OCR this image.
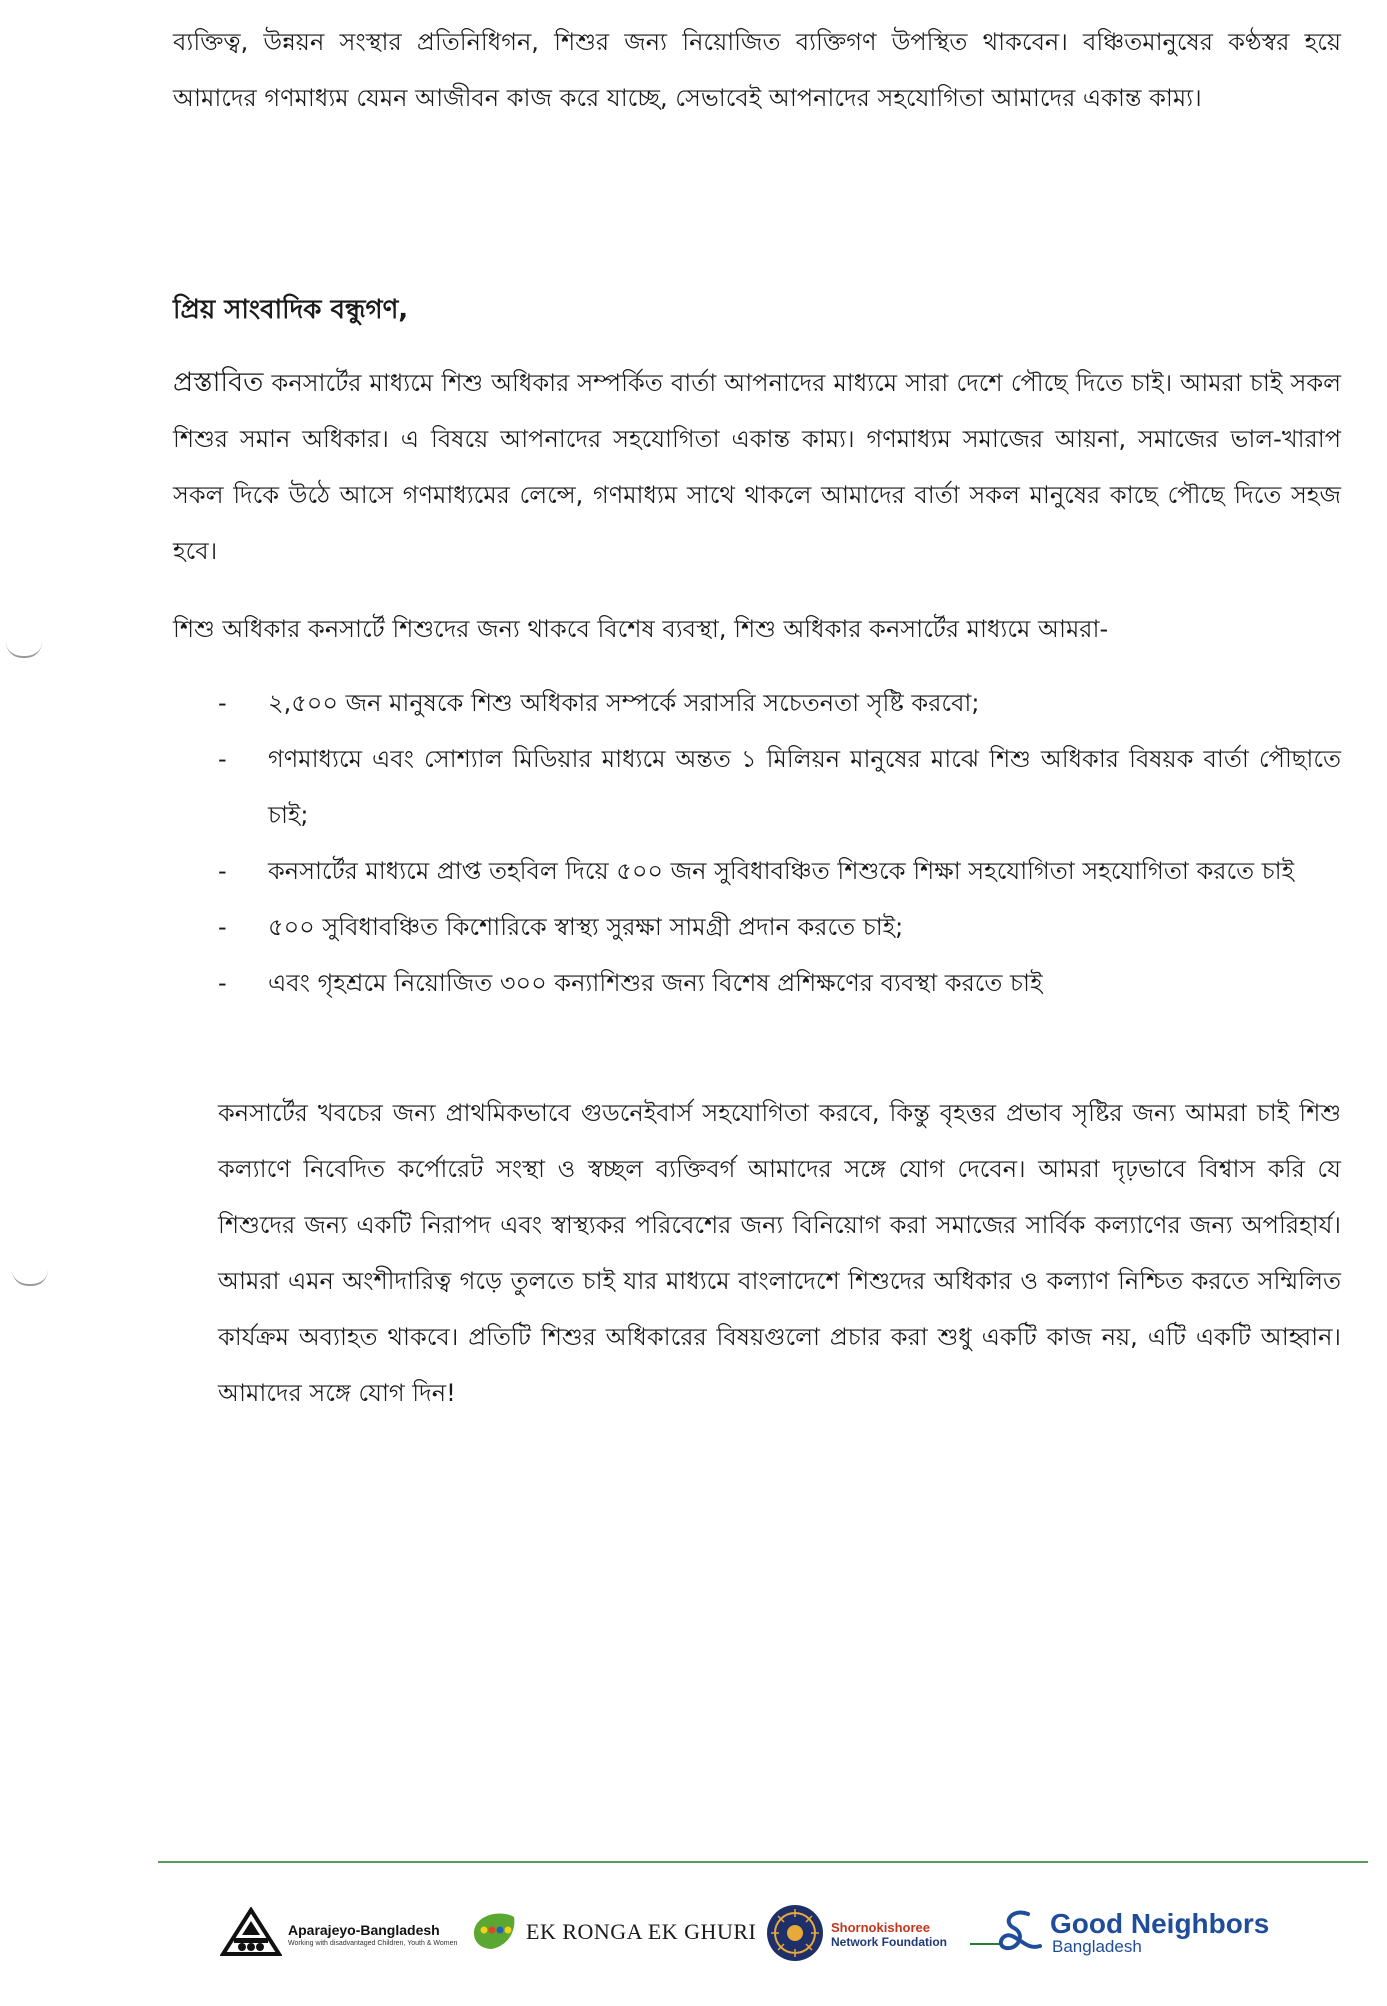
ব্যক্তিত্ব, উন্নয়ন সংস্থার প্রতিনিধিগন, শিশুর জন্য নিয়োজিত ব্যক্তিগণ উপস্থিত থাকবেন। বঞ্চিতমানুষের কণ্ঠস্বর হয়ে আমাদের গণমাধ্যম যেমন আজীবন কাজ করে যাচ্ছে, সেভাবেই আপনাদের সহযোগিতা আমাদের একান্ত কাম্য।

প্রিয় সাংবাদিক বন্ধুগণ,

প্রস্তাবিত কনসার্টের মাধ্যমে শিশু অধিকার সম্পর্কিত বার্তা আপনাদের মাধ্যমে সারা দেশে পৌছে দিতে চাই। আমরা চাই সকল শিশুর সমান অধিকার। এ বিষয়ে আপনাদের সহযোগিতা একান্ত কাম্য। গণমাধ্যম সমাজের আয়না, সমাজের ভাল-খারাপ সকল দিকে উঠে আসে গণমাধ্যমের লেন্সে, গণমাধ্যম সাথে থাকলে আমাদের বার্তা সকল মানুষের কাছে পৌছে দিতে সহজ হবে।

শিশু অধিকার কনসার্টে শিশুদের জন্য থাকবে বিশেষ ব্যবস্থা, শিশু অধিকার কনসার্টের মাধ্যমে আমরা-

- ২,৫০০ জন মানুষকে শিশু অধিকার সম্পর্কে সরাসরি সচেতনতা সৃষ্টি করবো;
- গণমাধ্যমে এবং সোশ্যাল মিডিয়ার মাধ্যমে অন্তত ১ মিলিয়ন মানুষের মাঝে শিশু অধিকার বিষয়ক বার্তা পৌছাতে চাই;
- কনসার্টের মাধ্যমে প্রাপ্ত তহবিল দিয়ে ৫০০ জন সুবিধাবঞ্চিত শিশুকে শিক্ষা সহযোগিতা সহযোগিতা করতে চাই
- ৫০০ সুবিধাবঞ্চিত কিশোরিকে স্বাস্থ্য সুরক্ষা সামগ্রী প্রদান করতে চাই;
- এবং গৃহশ্রমে নিয়োজিত ৩০০ কন্যাশিশুর জন্য বিশেষ প্রশিক্ষণের ব্যবস্থা করতে চাই

কনসার্টের খবচের জন্য প্রাথমিকভাবে গুডনেইবার্স সহযোগিতা করবে, কিন্তু বৃহত্তর প্রভাব সৃষ্টির জন্য আমরা চাই শিশু কল্যাণে নিবেদিত কর্পোরেট সংস্থা ও স্বচ্ছল ব্যক্তিবর্গ আমাদের সঙ্গে যোগ দেবেন। আমরা দৃঢ়ভাবে বিশ্বাস করি যে শিশুদের জন্য একটি নিরাপদ এবং স্বাস্থ্যকর পরিবেশের জন্য বিনিয়োগ করা সমাজের সার্বিক কল্যাণের জন্য অপরিহার্য। আমরা এমন অংশীদারিত্ব গড়ে তুলতে চাই যার মাধ্যমে বাংলাদেশে শিশুদের অধিকার ও কল্যাণ নিশ্চিত করতে সম্মিলিত কার্যক্রম অব্যাহত থাকবে। প্রতিটি শিশুর অধিকারের বিষয়গুলো প্রচার করা শুধু একটি কাজ নয়, এটি একটি আহ্বান। আমাদের সঙ্গে যোগ দিন!

Aparajeyo-Bangladesh
Working with disadvantaged Children, Youth & Women	EK RONGA EK GHURI	Shornokishoree
Network Foundation
Good Neighbors
Bangladesh
